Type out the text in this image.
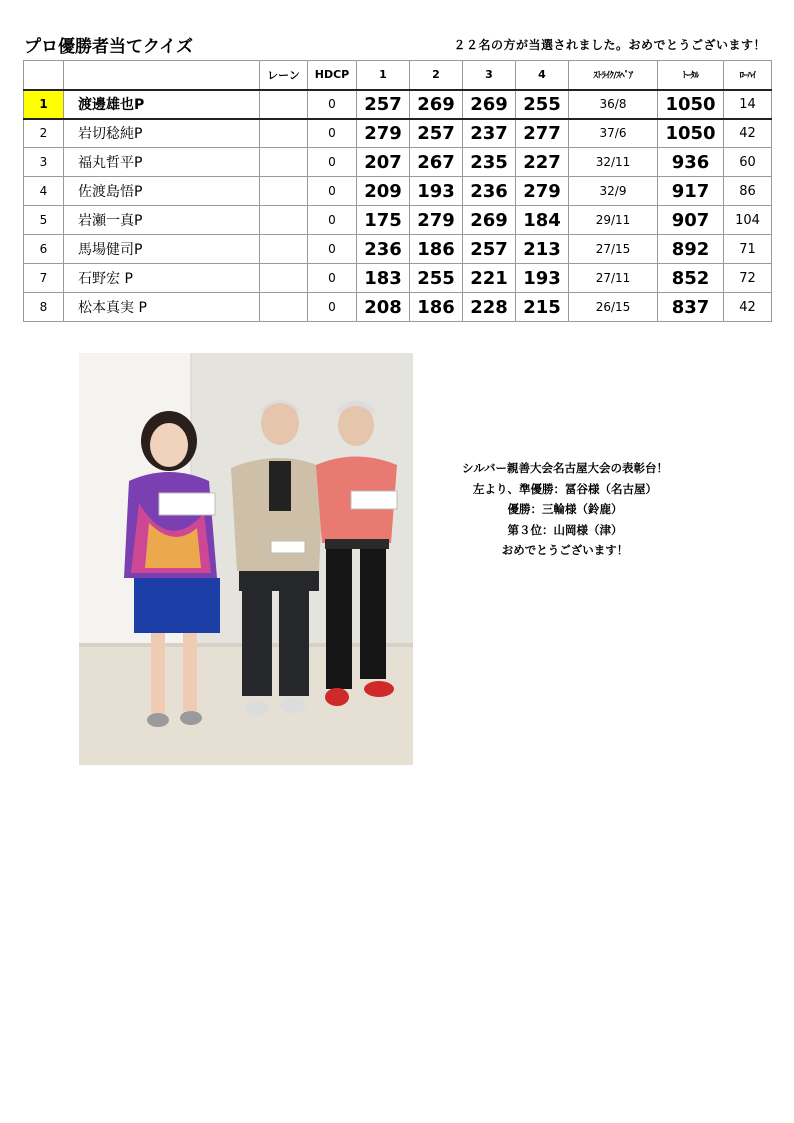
プロ優勝者当てクイズ	２２名の方が当選されました。おめでとうございます！
		レーン	HDCP	1	2	3	4	ｽﾄﾗｲｸ/ｽﾍﾟｱ	ﾄｰﾀﾙ	ﾛｰﾊｲ
1	渡邊雄也P		0	257	269	269	255	36/8	1050	14
2	岩切稔純P		0	279	257	237	277	37/6	1050	42
3	福丸哲平P		0	207	267	235	227	32/11	936	60
4	佐渡島悟P		0	209	193	236	279	32/9	917	86
5	岩瀬一真P		0	175	279	269	184	29/11	907	104
6	馬場健司P		0	236	186	257	213	27/15	892	71
7	石野宏 P		0	183	255	221	193	27/11	852	72
8	松本真実 P		0	208	186	228	215	26/15	837	42
シルバー親善大会名古屋大会の表彰台！
左より、準優勝：冨谷様（名古屋）
優勝：三輪様（鈴鹿）
第３位：山岡様（津）
おめでとうございます！
